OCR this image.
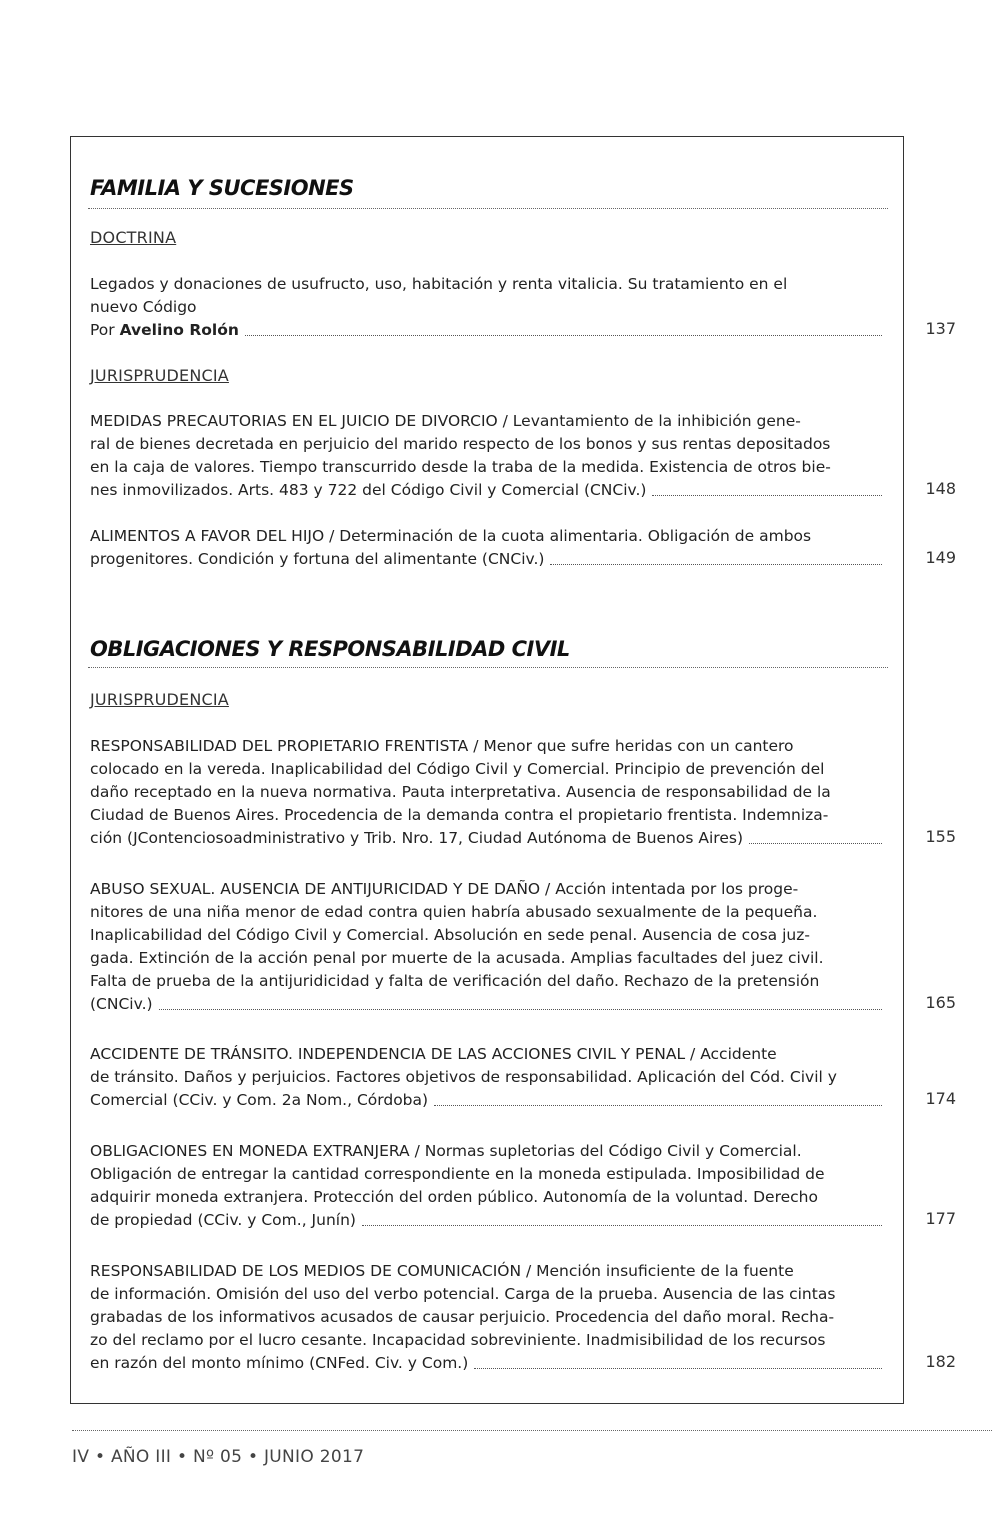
FAMILIA Y SUCESIONES
DOCTRINA
Legados y donaciones de usufructo, uso, habitación y renta vitalicia. Su tratamiento en el
nuevo Código
Por Avelino Rolón	137
JURISPRUDENCIA
MEDIDAS PRECAUTORIAS EN EL JUICIO DE DIVORCIO / Levantamiento de la inhibición gene-
ral de bienes decretada en perjuicio del marido respecto de los bonos y sus rentas depositados
en la caja de valores. Tiempo transcurrido desde la traba de la medida. Existencia de otros bie-
nes inmovilizados. Arts. 483 y 722 del Código Civil y Comercial (CNCiv.)	148
ALIMENTOS A FAVOR DEL HIJO / Determinación de la cuota alimentaria. Obligación de ambos
progenitores. Condición y fortuna del alimentante (CNCiv.)	149
OBLIGACIONES Y RESPONSABILIDAD CIVIL
JURISPRUDENCIA
RESPONSABILIDAD DEL PROPIETARIO FRENTISTA / Menor que sufre heridas con un cantero
colocado en la vereda. Inaplicabilidad del Código Civil y Comercial. Principio de prevención del
daño receptado en la nueva normativa. Pauta interpretativa. Ausencia de responsabilidad de la
Ciudad de Buenos Aires. Procedencia de la demanda contra el propietario frentista. Indemniza-
ción (JContenciosoadministrativo y Trib. Nro. 17, Ciudad Autónoma de Buenos Aires)	155
ABUSO SEXUAL. AUSENCIA DE ANTIJURICIDAD Y DE DAÑO / Acción intentada por los proge-
nitores de una niña menor de edad contra quien habría abusado sexualmente de la pequeña.
Inaplicabilidad del Código Civil y Comercial. Absolución en sede penal. Ausencia de cosa juz-
gada. Extinción de la acción penal por muerte de la acusada. Amplias facultades del juez civil.
Falta de prueba de la antijuridicidad y falta de verificación del daño. Rechazo de la pretensión
(CNCiv.)	165
ACCIDENTE DE TRÁNSITO. INDEPENDENCIA DE LAS ACCIONES CIVIL Y PENAL / Accidente
de tránsito. Daños y perjuicios. Factores objetivos de responsabilidad. Aplicación del Cód. Civil y
Comercial (CCiv. y Com. 2a Nom., Córdoba)	174
OBLIGACIONES EN MONEDA EXTRANJERA / Normas supletorias del Código Civil y Comercial.
Obligación de entregar la cantidad correspondiente en la moneda estipulada. Imposibilidad de
adquirir moneda extranjera. Protección del orden público. Autonomía de la voluntad. Derecho
de propiedad (CCiv. y Com., Junín)	177
RESPONSABILIDAD DE LOS MEDIOS DE COMUNICACIÓN / Mención insuficiente de la fuente
de información. Omisión del uso del verbo potencial. Carga de la prueba. Ausencia de las cintas
grabadas de los informativos acusados de causar perjuicio. Procedencia del daño moral. Recha-
zo del reclamo por el lucro cesante. Incapacidad sobreviniente. Inadmisibilidad de los recursos
en razón del monto mínimo (CNFed. Civ. y Com.)	182
IV • AÑO III • Nº 05 • JUNIO 2017
